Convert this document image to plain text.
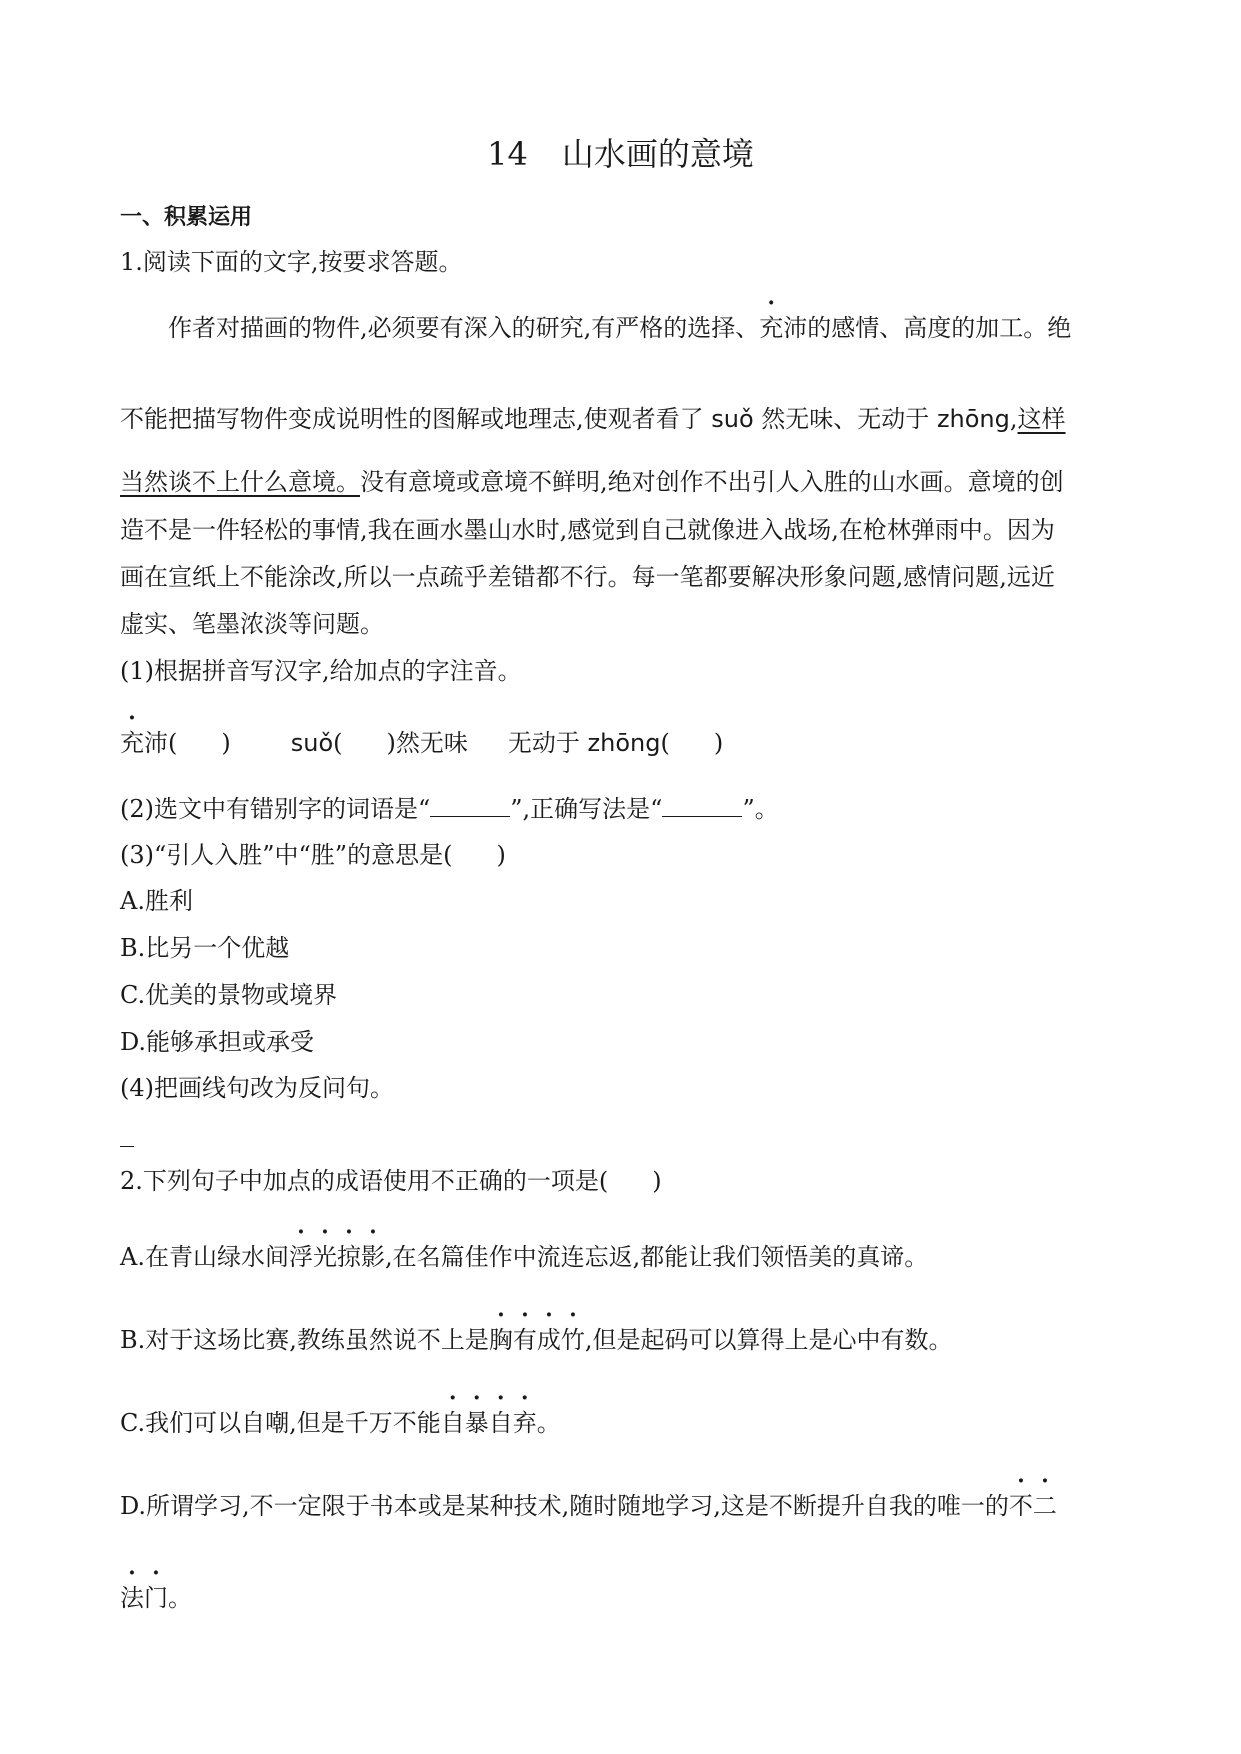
14 山水画的意境
一、积累运用
1.阅读下面的文字,按要求答题。
作者对描画的物件,必须要有深入的研究,有严格的选择、充沛的感情、高度的加工。绝
不能把描写物件变成说明性的图解或地理志,使观者看了 suǒ 然无味、无动于 zhōng,这样
当然谈不上什么意境。没有意境或意境不鲜明,绝对创作不出引人入胜的山水画。意境的创
造不是一件轻松的事情,我在画水墨山水时,感觉到自己就像进入战场,在枪林弹雨中。因为
画在宣纸上不能涂改,所以一点疏乎差错都不行。每一笔都要解决形象问题,感情问题,远近
虚实、笔墨浓淡等问题。
(1)根据拼音写汉字,给加点的字注音。
充沛( )	suǒ( )然无味 无动于 zhōng( )
(2)选文中有错别字的词语是“	”,正确写法是“	”。
(3)“引人入胜”中“胜”的意思是( )
A.胜利
B.比另一个优越
C.优美的景物或境界
D.能够承担或承受
(4)把画线句改为反问句。
2.下列句子中加点的成语使用不正确的一项是( )
A.在青山绿水间浮光掠影,在名篇佳作中流连忘返,都能让我们领悟美的真谛。
B.对于这场比赛,教练虽然说不上是胸有成竹,但是起码可以算得上是心中有数。
C.我们可以自嘲,但是千万不能自暴自弃。
D.所谓学习,不一定限于书本或是某种技术,随时随地学习,这是不断提升自我的唯一的不二
法门。
